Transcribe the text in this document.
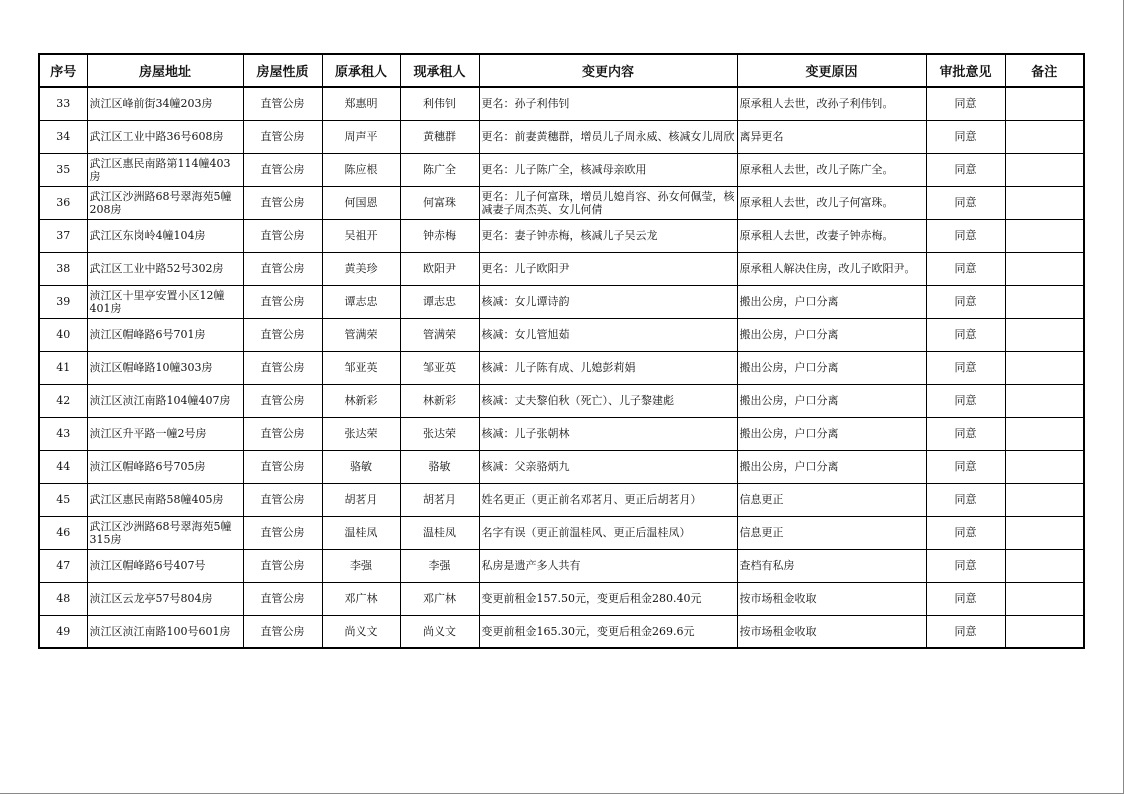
序号	房屋地址	房屋性质	原承租人	现承租人	变更内容	变更原因	审批意见	备注
33	浈江区峰前街34幢203房	直管公房	郑惠明	利伟钊	更名：孙子利伟钊	原承租人去世，改孙子利伟钊。	同意	
34	武江区工业中路36号608房	直管公房	周声平	黄穗群	更名：前妻黄穗群，增员儿子周永威、核减女儿周欣	离异更名	同意	
35	武江区惠民南路第114幢403房	直管公房	陈应根	陈广全	更名：儿子陈广全，核减母亲欧用	原承租人去世，改儿子陈广全。	同意	
36	武江区沙洲路68号翠海苑5幢208房	直管公房	何国恩	何富珠	更名：儿子何富珠，增员儿媳肖容、孙女何佩莹，核减妻子周杰英、女儿何倩	原承租人去世，改儿子何富珠。	同意	
37	武江区东岗岭4幢104房	直管公房	吴祖开	钟赤梅	更名：妻子钟赤梅，核减儿子吴云龙	原承租人去世，改妻子钟赤梅。	同意	
38	武江区工业中路52号302房	直管公房	黄美珍	欧阳尹	更名：儿子欧阳尹	原承租人解决住房，改儿子欧阳尹。	同意	
39	浈江区十里亭安置小区12幢401房	直管公房	谭志忠	谭志忠	核减：女儿谭诗韵	搬出公房，户口分离	同意	
40	浈江区帽峰路6号701房	直管公房	管满荣	管满荣	核减：女儿管旭茹	搬出公房，户口分离	同意	
41	浈江区帽峰路10幢303房	直管公房	邹亚英	邹亚英	核减：儿子陈有成、儿媳彭莉娟	搬出公房，户口分离	同意	
42	浈江区浈江南路104幢407房	直管公房	林新彩	林新彩	核减：丈夫黎伯秋（死亡）、儿子黎建彪	搬出公房，户口分离	同意	
43	浈江区升平路一幢2号房	直管公房	张达荣	张达荣	核减：儿子张朝林	搬出公房，户口分离	同意	
44	浈江区帽峰路6号705房	直管公房	骆敏	骆敏	核减：父亲骆炳九	搬出公房，户口分离	同意	
45	武江区惠民南路58幢405房	直管公房	胡茗月	胡茗月	姓名更正（更正前名邓茗月、更正后胡茗月）	信息更正	同意	
46	武江区沙洲路68号翠海苑5幢315房	直管公房	温桂凤	温桂凤	名字有误（更正前温桂风、更正后温桂凤）	信息更正	同意	
47	浈江区帽峰路6号407号	直管公房	李强	李强	私房是遗产多人共有	查档有私房	同意	
48	浈江区云龙亭57号804房	直管公房	邓广林	邓广林	变更前租金157.50元，变更后租金280.40元	按市场租金收取	同意	
49	浈江区浈江南路100号601房	直管公房	尚义文	尚义文	变更前租金165.30元，变更后租金269.6元	按市场租金收取	同意	
